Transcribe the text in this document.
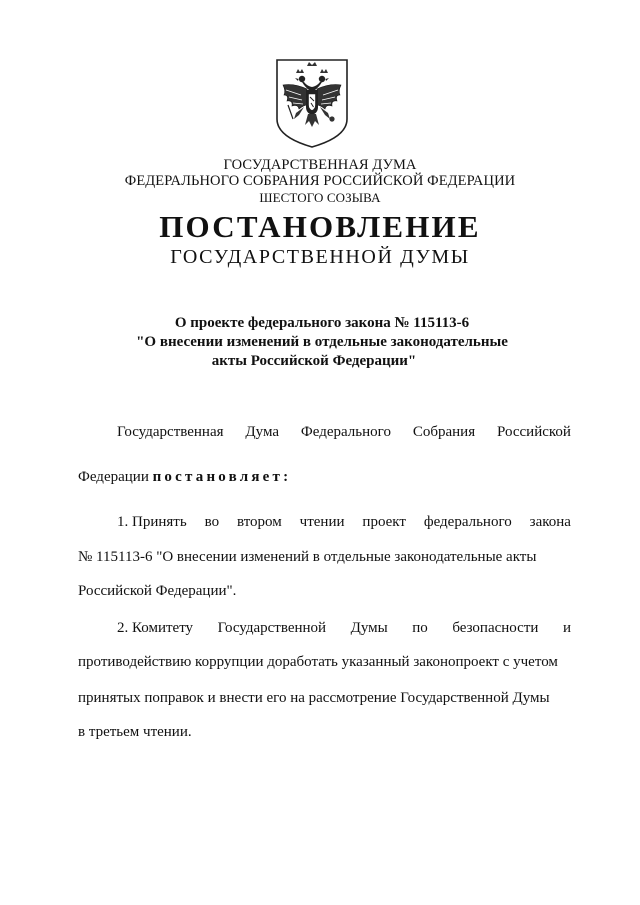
ГОСУДАРСТВЕННАЯ ДУМА
ФЕДЕРАЛЬНОГО СОБРАНИЯ РОССИЙСКОЙ ФЕДЕРАЦИИ
ШЕСТОГО СОЗЫВА
ПОСТАНОВЛЕНИЕ
ГОСУДАРСТВЕННОЙ ДУМЫ
О проекте федерального закона № 115113-6
"О внесении изменений в отдельные законодательные
акты Российской Федерации"
Государственная Дума Федерального Собрания Российской
Федерации постановляет:
1. Принять во втором чтении проект федерального закона
№ 115113-6 "О внесении изменений в отдельные законодательные акты
Российской Федерации".
2. Комитету Государственной Думы по безопасности и
противодействию коррупции доработать указанный законопроект с учетом
принятых поправок и внести его на рассмотрение Государственной Думы
в третьем чтении.
